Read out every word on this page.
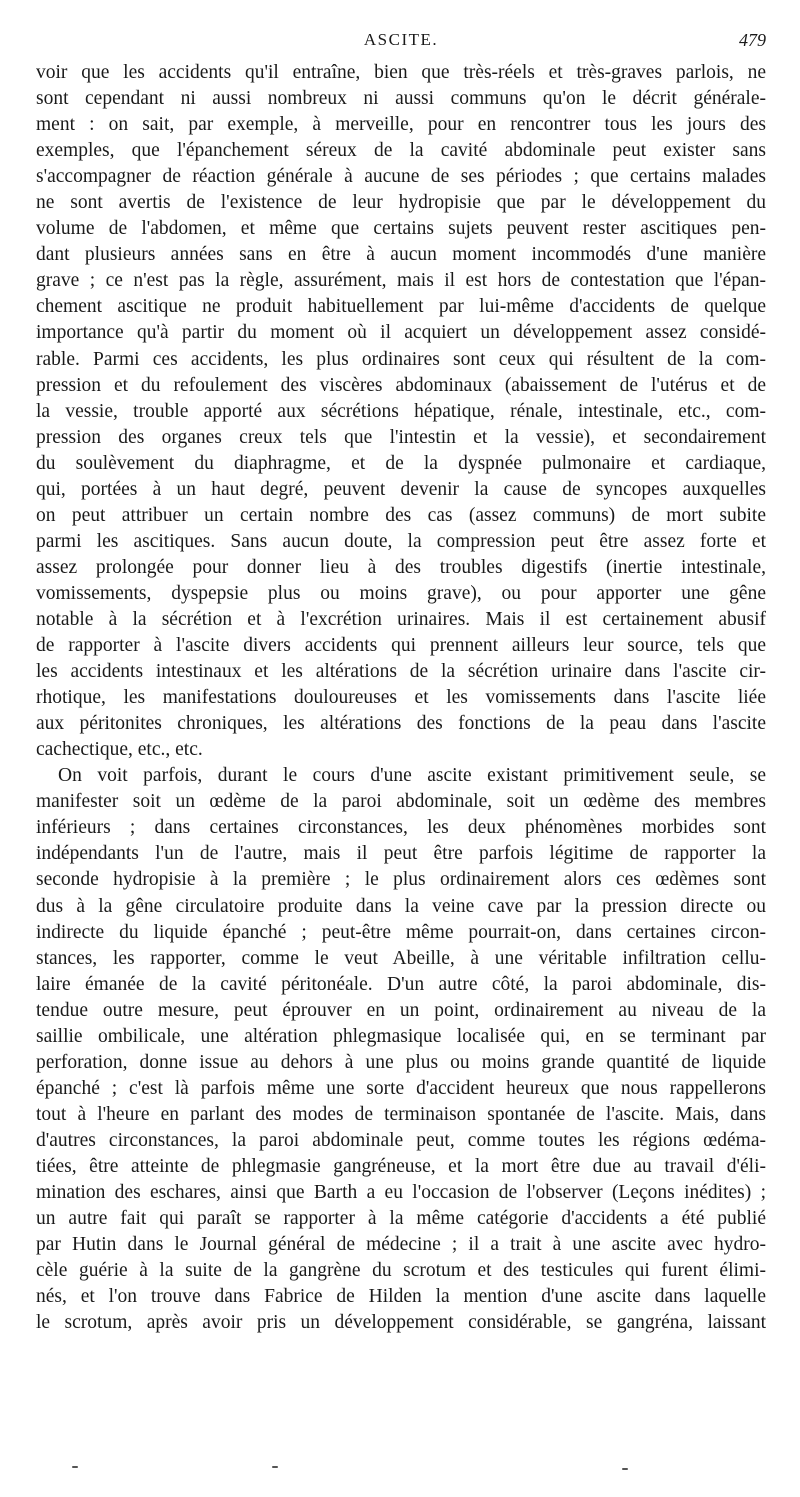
ASCITE.	479
voir que les accidents qu'il entraîne, bien que très-réels et très-graves parlois, ne
sont cependant ni aussi nombreux ni aussi communs qu'on le décrit générale-
ment : on sait, par exemple, à merveille, pour en rencontrer tous les jours des
exemples, que l'épanchement séreux de la cavité abdominale peut exister sans
s'accompagner de réaction générale à aucune de ses périodes ; que certains malades
ne sont avertis de l'existence de leur hydropisie que par le développement du
volume de l'abdomen, et même que certains sujets peuvent rester ascitiques pen-
dant plusieurs années sans en être à aucun moment incommodés d'une manière
grave ; ce n'est pas la règle, assurément, mais il est hors de contestation que l'épan-
chement ascitique ne produit habituellement par lui-même d'accidents de quelque
importance qu'à partir du moment où il acquiert un développement assez considé-
rable. Parmi ces accidents, les plus ordinaires sont ceux qui résultent de la com-
pression et du refoulement des viscères abdominaux (abaissement de l'utérus et de
la vessie, trouble apporté aux sécrétions hépatique, rénale, intestinale, etc., com-
pression des organes creux tels que l'intestin et la vessie), et secondairement
du soulèvement du diaphragme, et de la dyspnée pulmonaire et cardiaque,
qui, portées à un haut degré, peuvent devenir la cause de syncopes auxquelles
on peut attribuer un certain nombre des cas (assez communs) de mort subite
parmi les ascitiques. Sans aucun doute, la compression peut être assez forte et
assez prolongée pour donner lieu à des troubles digestifs (inertie intestinale,
vomissements, dyspepsie plus ou moins grave), ou pour apporter une gêne
notable à la sécrétion et à l'excrétion urinaires. Mais il est certainement abusif
de rapporter à l'ascite divers accidents qui prennent ailleurs leur source, tels que
les accidents intestinaux et les altérations de la sécrétion urinaire dans l'ascite cir-
rhotique, les manifestations douloureuses et les vomissements dans l'ascite liée
aux péritonites chroniques, les altérations des fonctions de la peau dans l'ascite
cachectique, etc., etc.
On voit parfois, durant le cours d'une ascite existant primitivement seule, se
manifester soit un œdème de la paroi abdominale, soit un œdème des membres
inférieurs ; dans certaines circonstances, les deux phénomènes morbides sont
indépendants l'un de l'autre, mais il peut être parfois légitime de rapporter la
seconde hydropisie à la première ; le plus ordinairement alors ces œdèmes sont
dus à la gêne circulatoire produite dans la veine cave par la pression directe ou
indirecte du liquide épanché ; peut-être même pourrait-on, dans certaines circon-
stances, les rapporter, comme le veut Abeille, à une véritable infiltration cellu-
laire émanée de la cavité péritonéale. D'un autre côté, la paroi abdominale, dis-
tendue outre mesure, peut éprouver en un point, ordinairement au niveau de la
saillie ombilicale, une altération phlegmasique localisée qui, en se terminant par
perforation, donne issue au dehors à une plus ou moins grande quantité de liquide
épanché ; c'est là parfois même une sorte d'accident heureux que nous rappellerons
tout à l'heure en parlant des modes de terminaison spontanée de l'ascite. Mais, dans
d'autres circonstances, la paroi abdominale peut, comme toutes les régions œdéma-
tiées, être atteinte de phlegmasie gangréneuse, et la mort être due au travail d'éli-
mination des eschares, ainsi que Barth a eu l'occasion de l'observer (Leçons inédites) ;
un autre fait qui paraît se rapporter à la même catégorie d'accidents a été publié
par Hutin dans le Journal général de médecine ; il a trait à une ascite avec hydro-
cèle guérie à la suite de la gangrène du scrotum et des testicules qui furent élimi-
nés, et l'on trouve dans Fabrice de Hilden la mention d'une ascite dans laquelle
le scrotum, après avoir pris un développement considérable, se gangréna, laissant
